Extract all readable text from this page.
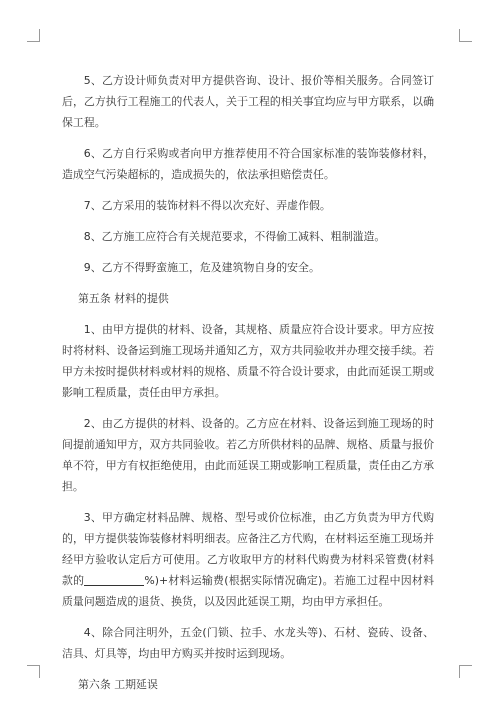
5、乙方设计师负责对甲方提供咨询、设计、报价等相关服务。合同签订后，乙方执行工程施工的代表人，关于工程的相关事宜均应与甲方联系，以确保工程。

6、乙方自行采购或者向甲方推荐使用不符合国家标准的装饰装修材料，造成空气污染超标的，造成损失的，依法承担赔偿责任。

7、乙方采用的装饰材料不得以次充好、弄虚作假。

8、乙方施工应符合有关规范要求，不得偷工减料、粗制滥造。

9、乙方不得野蛮施工，危及建筑物自身的安全。

第五条 材料的提供

1、由甲方提供的材料、设备，其规格、质量应符合设计要求。甲方应按时将材料、设备运到施工现场并通知乙方，双方共同验收并办理交接手续。若甲方未按时提供材料或材料的规格、质量不符合设计要求，由此而延误工期或影响工程质量，责任由甲方承担。

2、由乙方提供的材料、设备的。乙方应在材料、设备运到施工现场的时间提前通知甲方，双方共同验收。若乙方所供材料的品牌、规格、质量与报价单不符，甲方有权拒绝使用，由此而延误工期或影响工程质量，责任由乙方承担。

3、甲方确定材料品牌、规格、型号或价位标准，由乙方负责为甲方代购的，甲方提供装饰装修材料明细表。应备注乙方代购，在材料运至施工现场并经甲方验收认定后方可使用。乙方收取甲方的材料代购费为材料采管费(材料款的	%)+材料运输费(根据实际情况确定)。若施工过程中因材料质量问题造成的退货、换货，以及因此延误工期，均由甲方承担任。

4、除合同注明外，五金(门锁、拉手、水龙头等)、石材、瓷砖、设备、洁具、灯具等，均由甲方购买并按时运到现场。

第六条 工期延误
